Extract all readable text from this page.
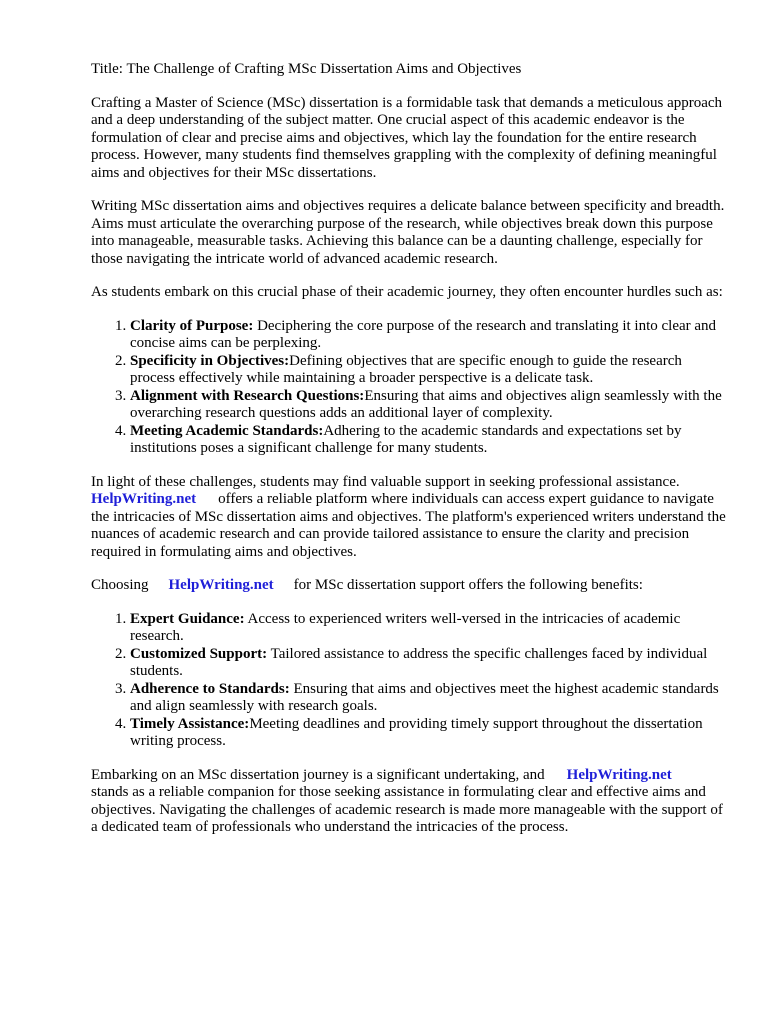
Title: The Challenge of Crafting MSc Dissertation Aims and Objectives

Crafting a Master of Science (MSc) dissertation is a formidable task that demands a meticulous approach and a deep understanding of the subject matter. One crucial aspect of this academic endeavor is the formulation of clear and precise aims and objectives, which lay the foundation for the entire research process. However, many students find themselves grappling with the complexity of defining meaningful aims and objectives for their MSc dissertations.

Writing MSc dissertation aims and objectives requires a delicate balance between specificity and breadth. Aims must articulate the overarching purpose of the research, while objectives break down this purpose into manageable, measurable tasks. Achieving this balance can be a daunting challenge, especially for those navigating the intricate world of advanced academic research.

As students embark on this crucial phase of their academic journey, they often encounter hurdles such as:

1. Clarity of Purpose: Deciphering the core purpose of the research and translating it into clear and concise aims can be perplexing.
2. Specificity in Objectives:Defining objectives that are specific enough to guide the research process effectively while maintaining a broader perspective is a delicate task.
3. Alignment with Research Questions:Ensuring that aims and objectives align seamlessly with the overarching research questions adds an additional layer of complexity.
4. Meeting Academic Standards:Adhering to the academic standards and expectations set by institutions poses a significant challenge for many students.

In light of these challenges, students may find valuable support in seeking professional assistance.
HelpWriting.net offers a reliable platform where individuals can access expert guidance to navigate the intricacies of MSc dissertation aims and objectives. The platform's experienced writers understand the nuances of academic research and can provide tailored assistance to ensure the clarity and precision required in formulating aims and objectives.

Choosing HelpWriting.net for MSc dissertation support offers the following benefits:

1. Expert Guidance: Access to experienced writers well-versed in the intricacies of academic research.
2. Customized Support: Tailored assistance to address the specific challenges faced by individual students.
3. Adherence to Standards: Ensuring that aims and objectives meet the highest academic standards and align seamlessly with research goals.
4. Timely Assistance:Meeting deadlines and providing timely support throughout the dissertation writing process.

Embarking on an MSc dissertation journey is a significant undertaking, and HelpWriting.net
stands as a reliable companion for those seeking assistance in formulating clear and effective aims and objectives. Navigating the challenges of academic research is made more manageable with the support of a dedicated team of professionals who understand the intricacies of the process.
